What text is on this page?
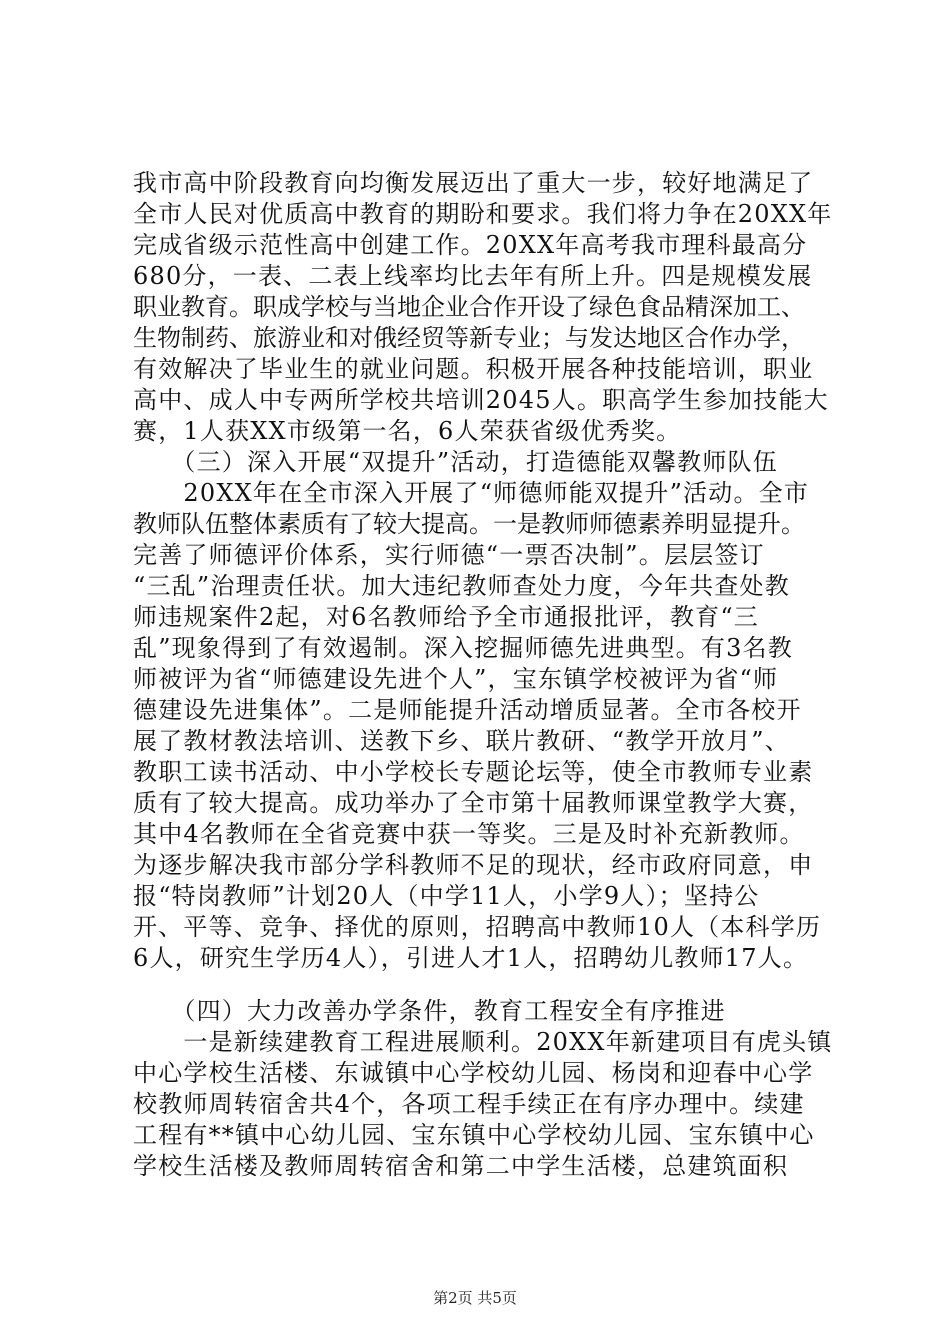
我市高中阶段教育向均衡发展迈出了重大一步，较好地满足了
全市人民对优质高中教育的期盼和要求。我们将力争在20XX年
完成省级示范性高中创建工作。20XX年高考我市理科最高分
680分，一表、二表上线率均比去年有所上升。四是规模发展
职业教育。职成学校与当地企业合作开设了绿色食品精深加工、
生物制药、旅游业和对俄经贸等新专业；与发达地区合作办学，
有效解决了毕业生的就业问题。积极开展各种技能培训，职业
高中、成人中专两所学校共培训2045人。职高学生参加技能大
赛，1人获XX市级第一名，6人荣获省级优秀奖。
　　（三）深入开展“双提升”活动，打造德能双馨教师队伍
　　20XX年在全市深入开展了“师德师能双提升”活动。全市
教师队伍整体素质有了较大提高。一是教师师德素养明显提升。
完善了师德评价体系，实行师德“一票否决制”。层层签订
“三乱”治理责任状。加大违纪教师查处力度，今年共查处教
师违规案件2起，对6名教师给予全市通报批评，教育“三
乱”现象得到了有效遏制。深入挖掘师德先进典型。有3名教
师被评为省“师德建设先进个人”，宝东镇学校被评为省“师
德建设先进集体”。二是师能提升活动增质显著。全市各校开
展了教材教法培训、送教下乡、联片教研、“教学开放月”、
教职工读书活动、中小学校长专题论坛等，使全市教师专业素
质有了较大提高。成功举办了全市第十届教师课堂教学大赛，
其中4名教师在全省竞赛中获一等奖。三是及时补充新教师。
为逐步解决我市部分学科教师不足的现状，经市政府同意，申
报“特岗教师”计划20人（中学11人，小学9人）；坚持公
开、平等、竞争、择优的原则，招聘高中教师10人（本科学历
6人，研究生学历4人），引进人才1人，招聘幼儿教师17人。
　　（四）大力改善办学条件，教育工程安全有序推进
　　一是新续建教育工程进展顺利。20XX年新建项目有虎头镇
中心学校生活楼、东诚镇中心学校幼儿园、杨岗和迎春中心学
校教师周转宿舍共4个，各项工程手续正在有序办理中。续建
工程有**镇中心幼儿园、宝东镇中心学校幼儿园、宝东镇中心
学校生活楼及教师周转宿舍和第二中学生活楼，总建筑面积
第2页 共5页
